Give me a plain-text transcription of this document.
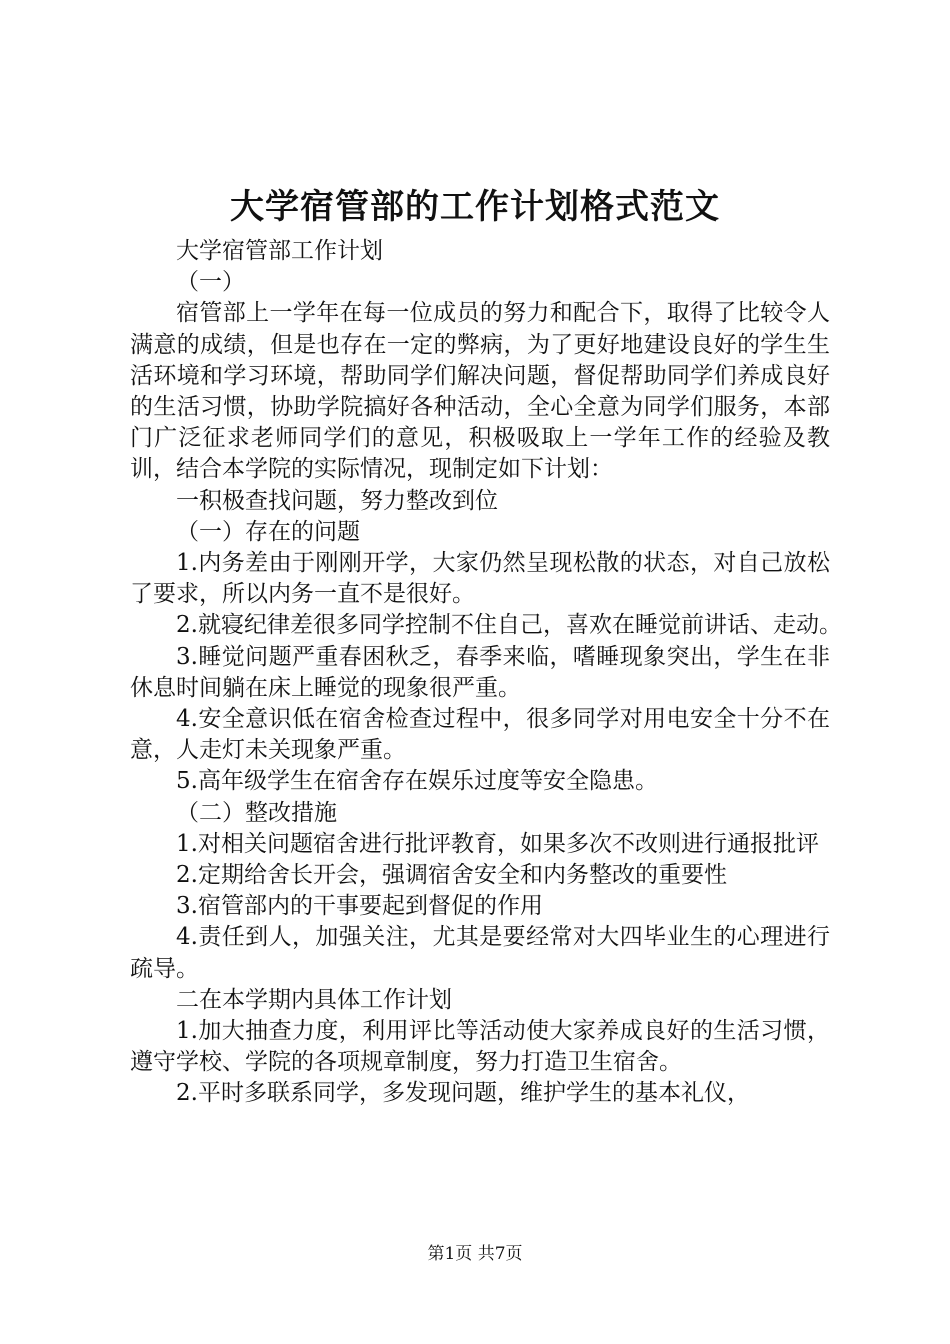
大学宿管部的工作计划格式范文

大学宿管部工作计划

（一）

宿管部上一学年在每一位成员的努力和配合下，取得了比较令人满意的成绩，但是也存在一定的弊病，为了更好地建设良好的学生生活环境和学习环境，帮助同学们解决问题，督促帮助同学们养成良好的生活习惯，协助学院搞好各种活动，全心全意为同学们服务，本部门广泛征求老师同学们的意见，积极吸取上一学年工作的经验及教训，结合本学院的实际情况，现制定如下计划：

一积极查找问题，努力整改到位

（一）存在的问题

1.内务差由于刚刚开学，大家仍然呈现松散的状态，对自己放松了要求，所以内务一直不是很好。

2.就寝纪律差很多同学控制不住自己，喜欢在睡觉前讲话、走动。

3.睡觉问题严重春困秋乏，春季来临，嗜睡现象突出，学生在非休息时间躺在床上睡觉的现象很严重。

4.安全意识低在宿舍检查过程中，很多同学对用电安全十分不在意，人走灯未关现象严重。

5.高年级学生在宿舍存在娱乐过度等安全隐患。

（二）整改措施

1.对相关问题宿舍进行批评教育，如果多次不改则进行通报批评

2.定期给舍长开会，强调宿舍安全和内务整改的重要性

3.宿管部内的干事要起到督促的作用

4.责任到人，加强关注，尤其是要经常对大四毕业生的心理进行疏导。

二在本学期内具体工作计划

1.加大抽查力度，利用评比等活动使大家养成良好的生活习惯，遵守学校、学院的各项规章制度，努力打造卫生宿舍。

2.平时多联系同学，多发现问题，维护学生的基本礼仪，

第1页 共7页
